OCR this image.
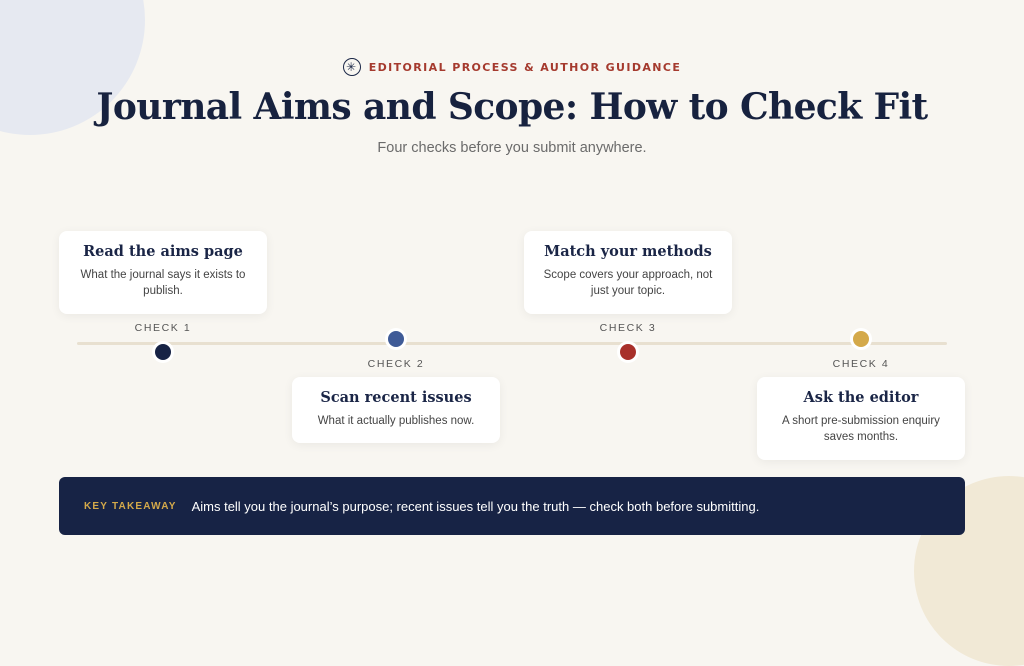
✳ EDITORIAL PROCESS & AUTHOR GUIDANCE
Journal Aims and Scope: How to Check Fit
Four checks before you submit anywhere.
Read the aims page
What the journal says it exists to publish.
CHECK 1
CHECK 2
Scan recent issues
What it actually publishes now.
Match your methods
Scope covers your approach, not just your topic.
CHECK 3
CHECK 4
Ask the editor
A short pre-submission enquiry saves months.
KEY TAKEAWAY Aims tell you the journal’s purpose; recent issues tell you the truth — check both before submitting.
